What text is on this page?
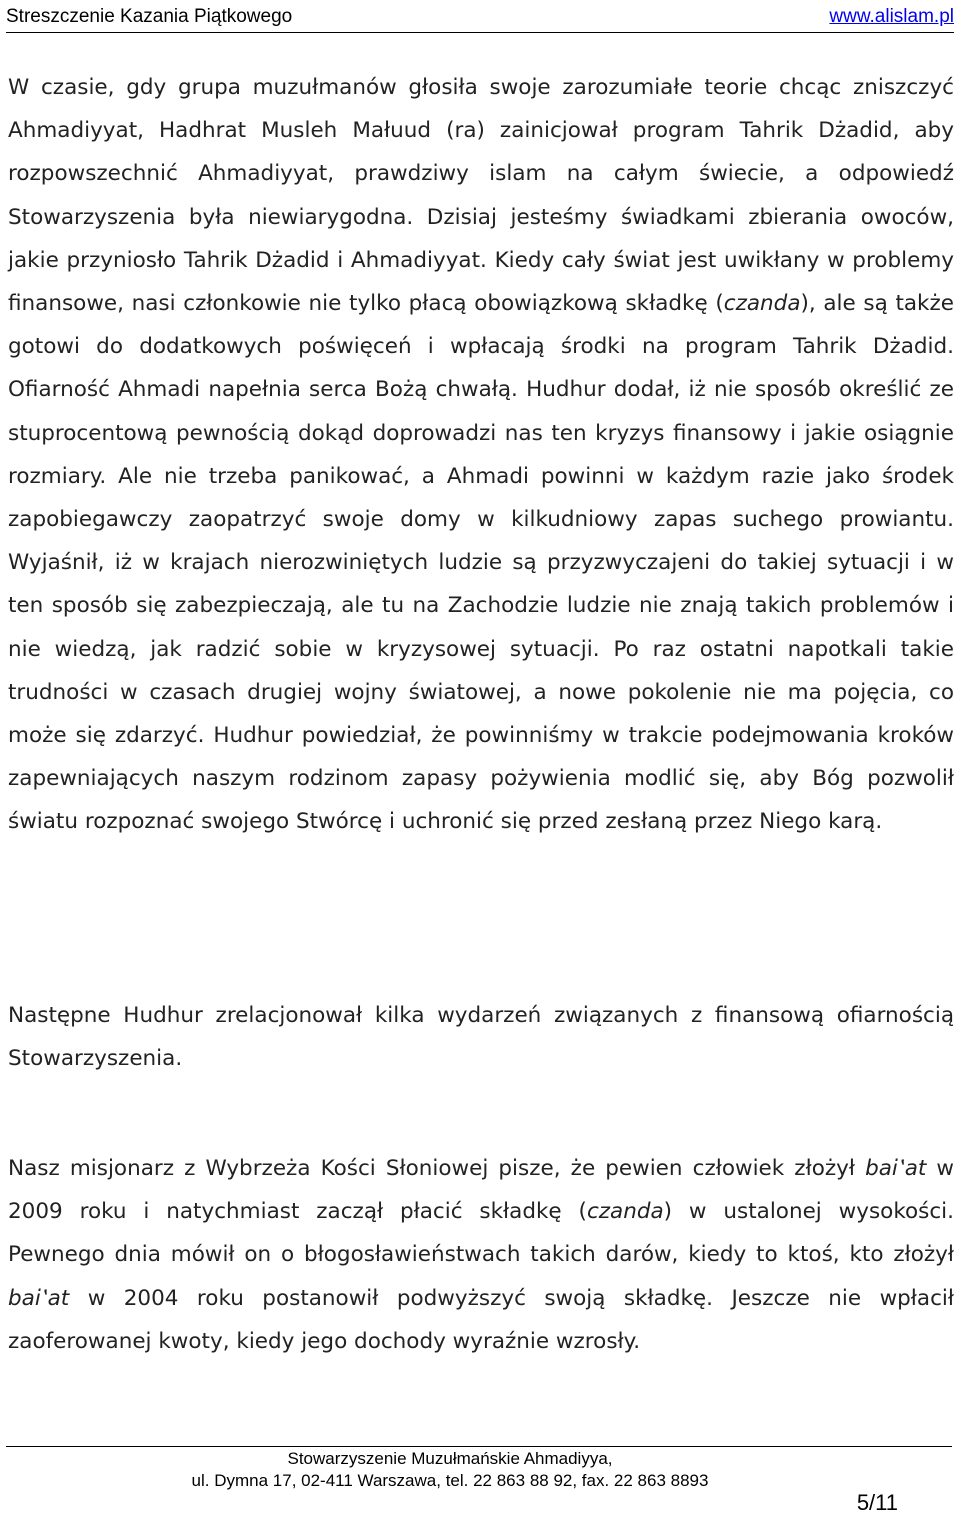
Streszczenie Kazania Piątkowego	www.alislam.pl

W czasie, gdy grupa muzułmanów głosiła swoje zarozumiałe teorie chcąc zniszczyć Ahmadiyyat, Hadhrat Musleh Małuud (ra) zainicjował program Tahrik Dżadid, aby rozpowszechnić Ahmadiyyat, prawdziwy islam na całym świecie, a odpowiedź Stowarzyszenia była niewiarygodna. Dzisiaj jesteśmy świadkami zbierania owoców, jakie przyniosło Tahrik Dżadid i Ahmadiyyat. Kiedy cały świat jest uwikłany w problemy finansowe, nasi członkowie nie tylko płacą obowiązkową składkę (czanda), ale są także gotowi do dodatkowych poświęceń i wpłacają środki na program Tahrik Dżadid. Ofiarność Ahmadi napełnia serca Bożą chwałą. Hudhur dodał, iż nie sposób określić ze stuprocentową pewnością dokąd doprowadzi nas ten kryzys finansowy i jakie osiągnie rozmiary. Ale nie trzeba panikować, a Ahmadi powinni w każdym razie jako środek zapobiegawczy zaopatrzyć swoje domy w kilkudniowy zapas suchego prowiantu. Wyjaśnił, iż w krajach nierozwiniętych ludzie są przyzwyczajeni do takiej sytuacji i w ten sposób się zabezpieczają, ale tu na Zachodzie ludzie nie znają takich problemów i nie wiedzą, jak radzić sobie w kryzysowej sytuacji. Po raz ostatni napotkali takie trudności w czasach drugiej wojny światowej, a nowe pokolenie nie ma pojęcia, co może się zdarzyć. Hudhur powiedział, że powinniśmy w trakcie podejmowania kroków zapewniających naszym rodzinom zapasy pożywienia modlić się, aby Bóg pozwolił światu rozpoznać swojego Stwórcę i uchronić się przed zesłaną przez Niego karą.

Następne Hudhur zrelacjonował kilka wydarzeń związanych z finansową ofiarnością Stowarzyszenia.

Nasz misjonarz z Wybrzeża Kości Słoniowej pisze, że pewien człowiek złożył bai‛at w 2009 roku i natychmiast zaczął płacić składkę (czanda) w ustalonej wysokości. Pewnego dnia mówił on o błogosławieństwach takich darów, kiedy to ktoś, kto złożył bai‛at w 2004 roku postanowił podwyższyć swoją składkę. Jeszcze nie wpłacił zaoferowanej kwoty, kiedy jego dochody wyraźnie wzrosły.

Stowarzyszenie Muzułmańskie Ahmadiyya,
ul. Dymna 17, 02-411 Warszawa, tel. 22 863 88 92, fax. 22 863 8893
5/11
